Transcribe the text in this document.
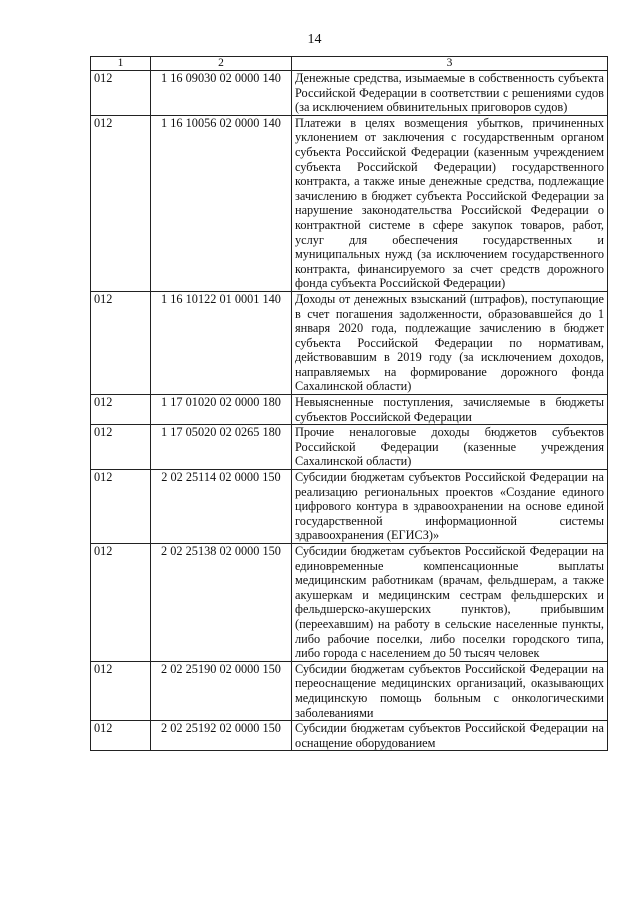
14
1	2	3
012	1 16 09030 02 0000 140	Денежные средства, изымаемые в собственность субъекта Российской Федерации в соответствии с решениями судов (за исключением обвинительных приговоров судов)
012	1 16 10056 02 0000 140	Платежи в целях возмещения убытков, причиненных уклонением от заключения с государственным органом субъекта Российской Федерации (казенным учреждением субъекта Российской Федерации) государственного контракта, а также иные денежные средства, подлежащие зачислению в бюджет субъекта Российской Федерации за нарушение законодательства Российской Федерации о контрактной системе в сфере закупок товаров, работ, услуг для обеспечения государственных и муниципальных нужд (за исключением государственного контракта, финансируемого за счет средств дорожного фонда субъекта Российской Федерации)
012	1 16 10122 01 0001 140	Доходы от денежных взысканий (штрафов), поступающие в счет погашения задолженности, образовавшейся до 1 января 2020 года, подлежащие зачислению в бюджет субъекта Российской Федерации по нормативам, действовавшим в 2019 году (за исключением доходов, направляемых на формирование дорожного фонда Сахалинской области)
012	1 17 01020 02 0000 180	Невыясненные поступления, зачисляемые в бюджеты субъектов Российской Федерации
012	1 17 05020 02 0265 180	Прочие неналоговые доходы бюджетов субъектов Российской Федерации (казенные учреждения Сахалинской области)
012	2 02 25114 02 0000 150	Субсидии бюджетам субъектов Российской Федерации на реализацию региональных проектов «Создание единого цифрового контура в здравоохранении на основе единой государственной информационной системы здравоохранения (ЕГИСЗ)»
012	2 02 25138 02 0000 150	Субсидии бюджетам субъектов Российской Федерации на единовременные компенсационные выплаты медицинским работникам (врачам, фельдшерам, а также акушеркам и медицинским сестрам фельдшерских и фельдшерско-акушерских пунктов), прибывшим (переехавшим) на работу в сельские населенные пункты, либо рабочие поселки, либо поселки городского типа, либо города с населением до 50 тысяч человек
012	2 02 25190 02 0000 150	Субсидии бюджетам субъектов Российской Федерации на переоснащение медицинских организаций, оказывающих медицинскую помощь больным с онкологическими заболеваниями
012	2 02 25192 02 0000 150	Субсидии бюджетам субъектов Российской Федерации на оснащение оборудованием
